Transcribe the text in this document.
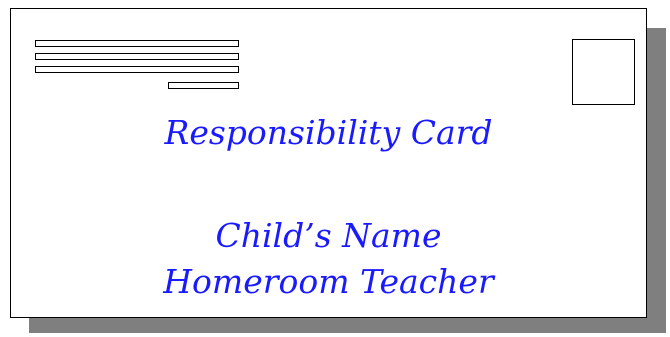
Responsibility Card
Child’s Name
Homeroom Teacher
